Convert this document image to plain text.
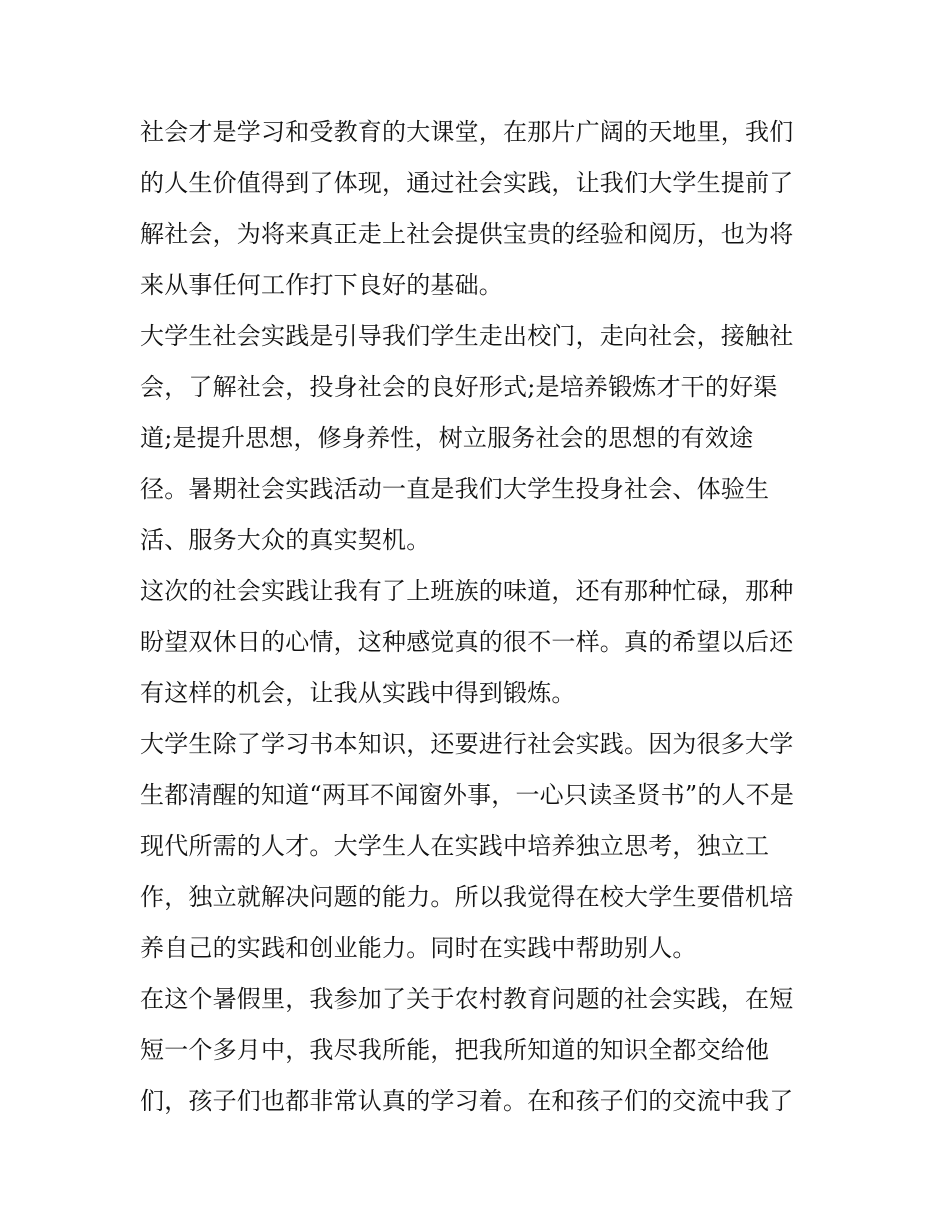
社会才是学习和受教育的大课堂，在那片广阔的天地里，我们
的人生价值得到了体现，通过社会实践，让我们大学生提前了
解社会，为将来真正走上社会提供宝贵的经验和阅历，也为将
来从事任何工作打下良好的基础。
大学生社会实践是引导我们学生走出校门，走向社会，接触社
会，了解社会，投身社会的良好形式;是培养锻炼才干的好渠
道;是提升思想，修身养性，树立服务社会的思想的有效途
径。暑期社会实践活动一直是我们大学生投身社会、体验生
活、服务大众的真实契机。
这次的社会实践让我有了上班族的味道，还有那种忙碌，那种
盼望双休日的心情，这种感觉真的很不一样。真的希望以后还
有这样的机会，让我从实践中得到锻炼。
大学生除了学习书本知识，还要进行社会实践。因为很多大学
生都清醒的知道“两耳不闻窗外事，一心只读圣贤书”的人不是
现代所需的人才。大学生人在实践中培养独立思考，独立工
作，独立就解决问题的能力。所以我觉得在校大学生要借机培
养自己的实践和创业能力。同时在实践中帮助别人。
在这个暑假里，我参加了关于农村教育问题的社会实践，在短
短一个多月中，我尽我所能，把我所知道的知识全都交给他
们，孩子们也都非常认真的学习着。在和孩子们的交流中我了
